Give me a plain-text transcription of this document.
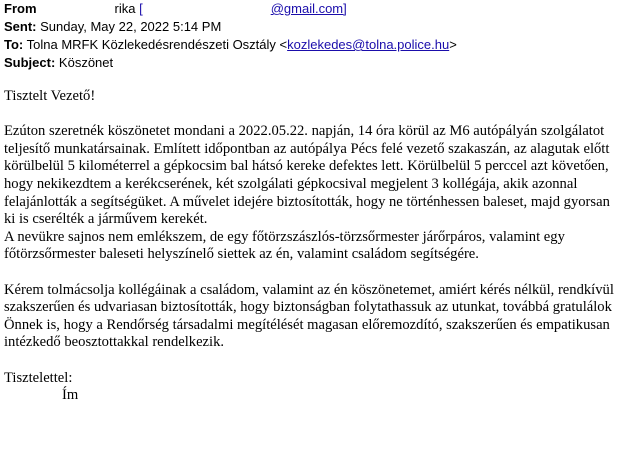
From	rika [	@gmail.com]
Sent: Sunday, May 22, 2022 5:14 PM
To: Tolna MRFK Közlekedésrendészeti Osztály <kozlekedes@tolna.police.hu>
Subject: Köszönet

Tisztelt Vezető!

Ezúton szeretnék köszönetet mondani a 2022.05.22. napján, 14 óra körül az M6 autópályán szolgálatot teljesítő munkatársainak. Említett időpontban az autópálya Pécs felé vezető szakaszán, az alagutak előtt körülbelül 5 kilométerrel a gépkocsim bal hátsó kereke defektes lett. Körülbelül 5 perccel azt követően, hogy nekikezdtem a kerékcserének, két szolgálati gépkocsival megjelent 3 kollégája, akik azonnal felajánlották a segítségüket. A művelet idejére biztosították, hogy ne történhessen baleset, majd gyorsan ki is cserélték a járművem kerekét.

A nevükre sajnos nem emlékszem, de egy főtörzszászlós-törzsőrmester járőrpáros, valamint egy főtörzsőrmester baleseti helyszínelő siettek az én, valamint családom segítségére.

Kérem tolmácsolja kollégáinak a családom, valamint az én köszönetemet, amiért kérés nélkül, rendkívül szakszerűen és udvariasan biztosították, hogy biztonságban folytathassuk az utunkat, továbbá gratulálok Önnek is, hogy a Rendőrség társadalmi megítélését magasan előremozdító, szakszerűen és empatikusan intézkedő beosztottakkal rendelkezik.

Tisztelettel:

Ím
